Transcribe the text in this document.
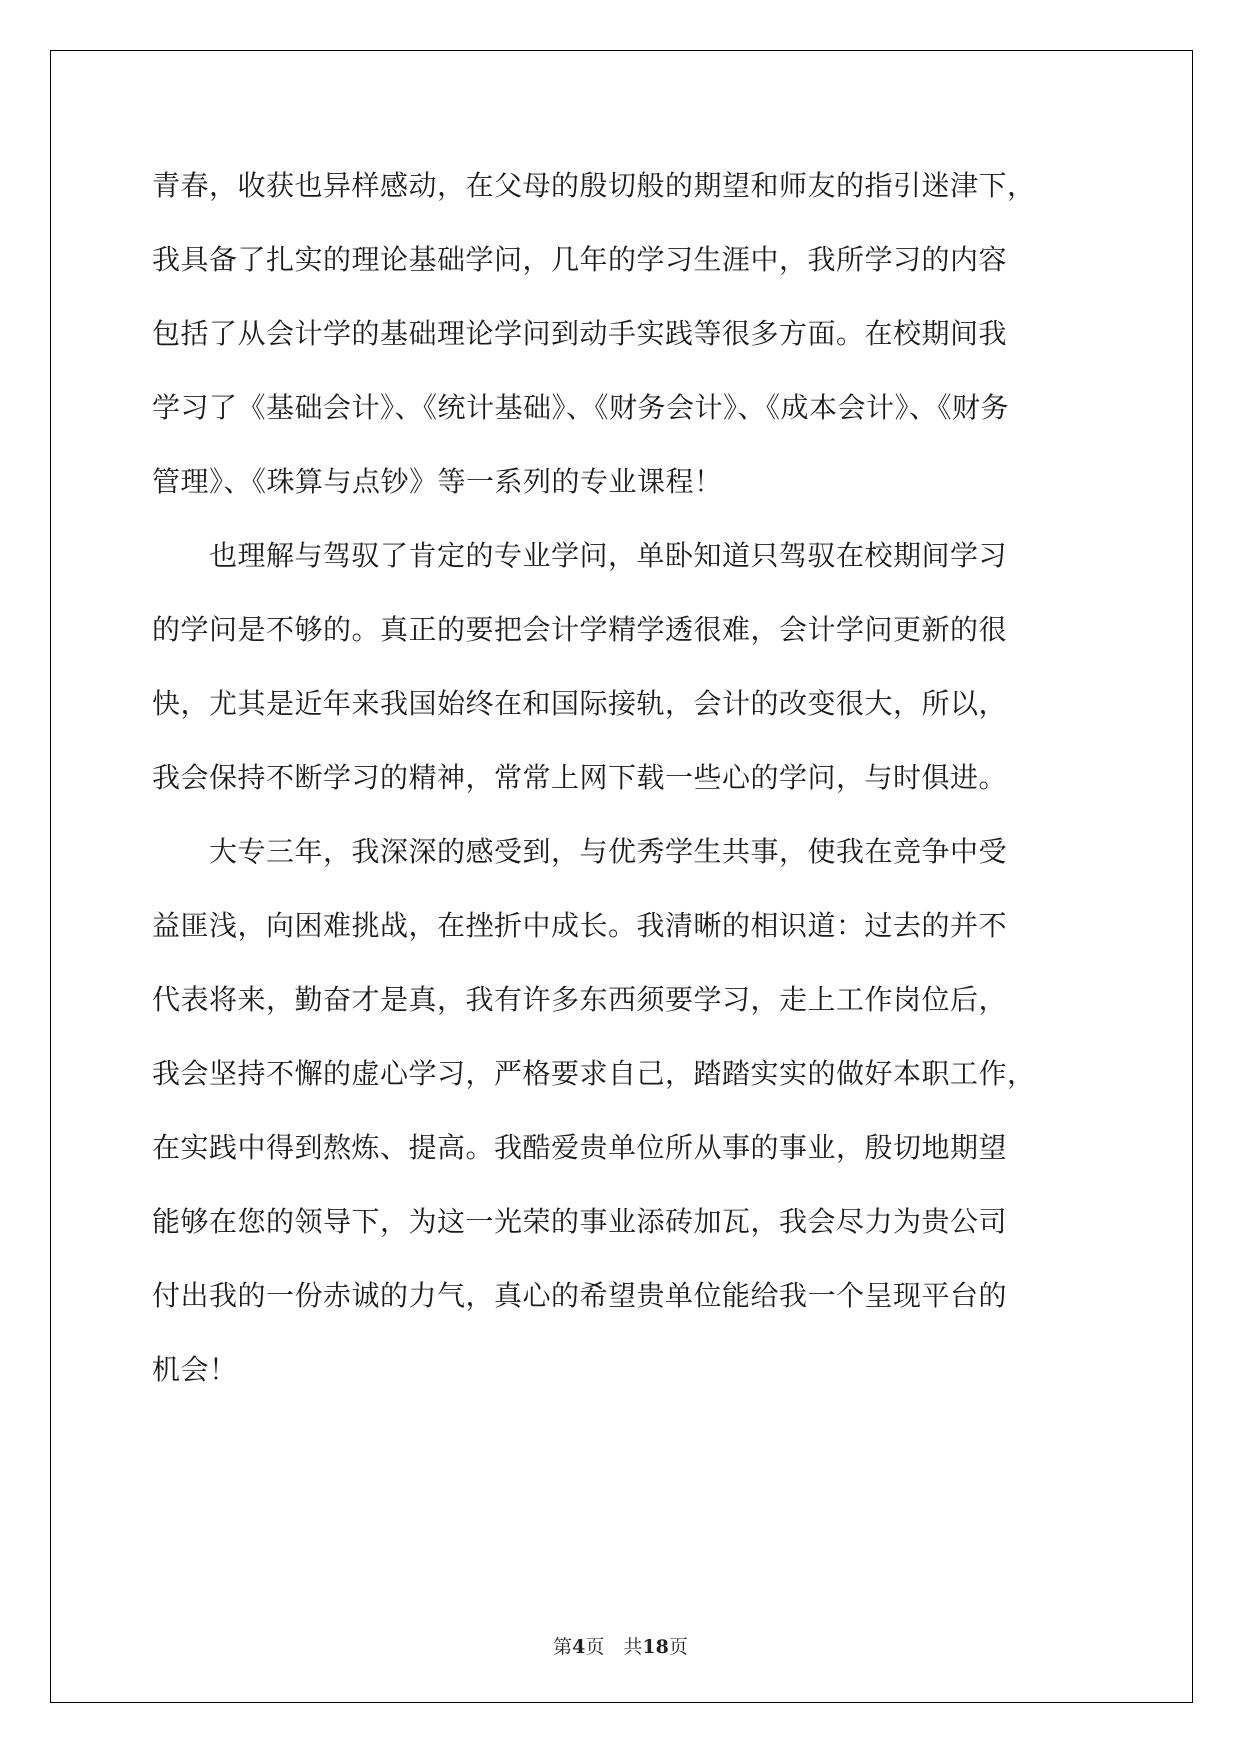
青春，收获也异样感动，在父母的殷切般的期望和师友的指引迷津下，
我具备了扎实的理论基础学问，几年的学习生涯中，我所学习的内容
包括了从会计学的基础理论学问到动手实践等很多方面。在校期间我
学习了《基础会计》、《统计基础》、《财务会计》、《成本会计》、《财务
管理》、《珠算与点钞》等一系列的专业课程！
　　也理解与驾驭了肯定的专业学问，单卧知道只驾驭在校期间学习
的学问是不够的。真正的要把会计学精学透很难，会计学问更新的很
快，尤其是近年来我国始终在和国际接轨，会计的改变很大，所以，
我会保持不断学习的精神，常常上网下载一些心的学问，与时俱进。
　　大专三年，我深深的感受到，与优秀学生共事，使我在竞争中受
益匪浅，向困难挑战，在挫折中成长。我清晰的相识道：过去的并不
代表将来，勤奋才是真，我有许多东西须要学习，走上工作岗位后，
我会坚持不懈的虚心学习，严格要求自己，踏踏实实的做好本职工作，
在实践中得到熬炼、提高。我酷爱贵单位所从事的事业，殷切地期望
能够在您的领导下，为这一光荣的事业添砖加瓦，我会尽力为贵公司
付出我的一份赤诚的力气，真心的希望贵单位能给我一个呈现平台的
机会！
第4页　 共18页
